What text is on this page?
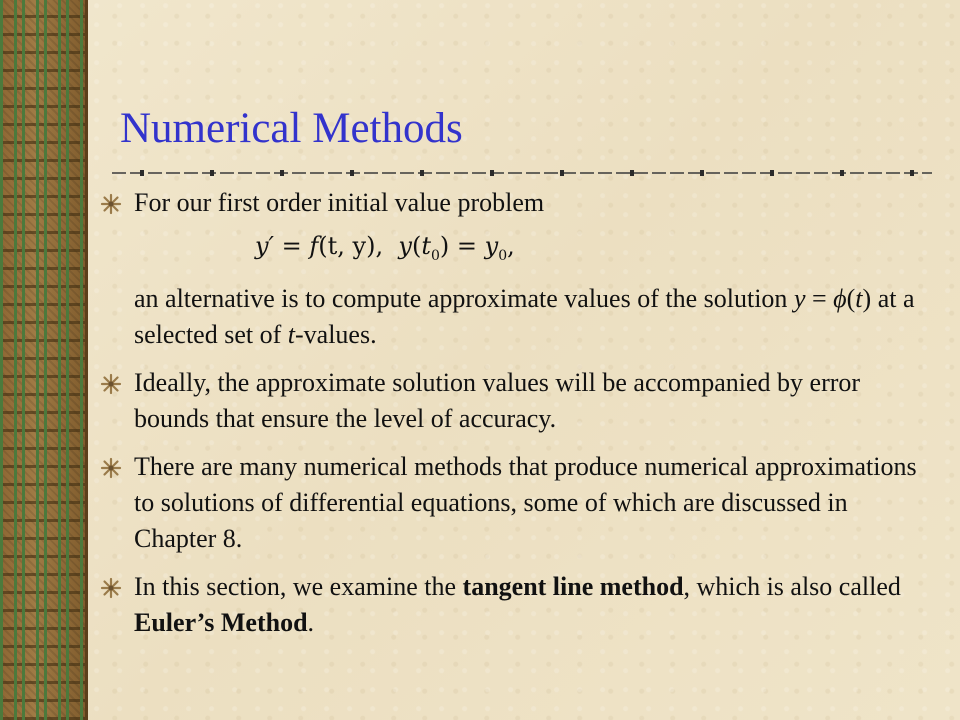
Numerical Methods
For our first order initial value problem
y′ = f(t, y), $y(t_0) = y_0$,
an alternative is to compute approximate values of the solution y = ϕ(t) at a selected set of t-values.
Ideally, the approximate solution values will be accompanied by error bounds that ensure the level of accuracy.
There are many numerical methods that produce numerical approximations to solutions of differential equations, some of which are discussed in Chapter 8.
In this section, we examine the tangent line method, which is also called Euler’s Method.
